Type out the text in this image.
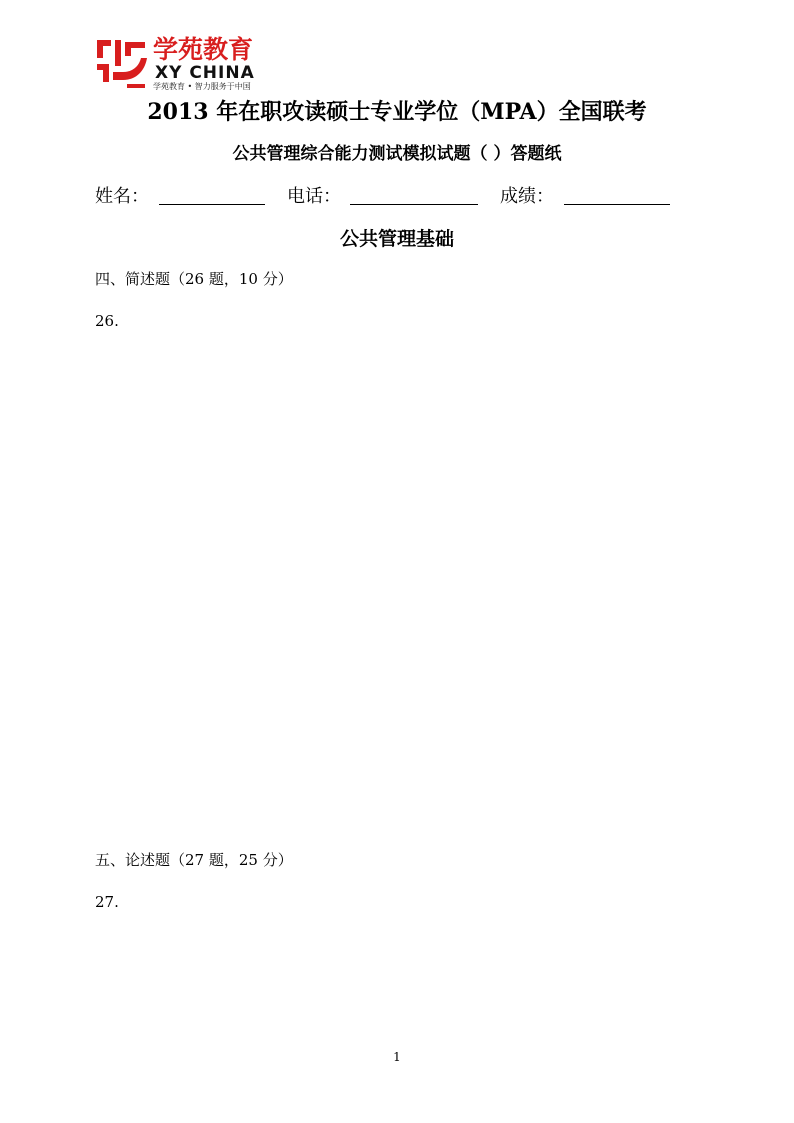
学苑教育
XY CHINA
学苑教育 • 智力服务于中国
2013 年在职攻读硕士专业学位（MPA）全国联考
公共管理综合能力测试模拟试题（ ）答题纸
姓名：	电话：	成绩：
公共管理基础
四、简述题（26 题，10 分）
26.
五、论述题（27 题，25 分）
27.
1
